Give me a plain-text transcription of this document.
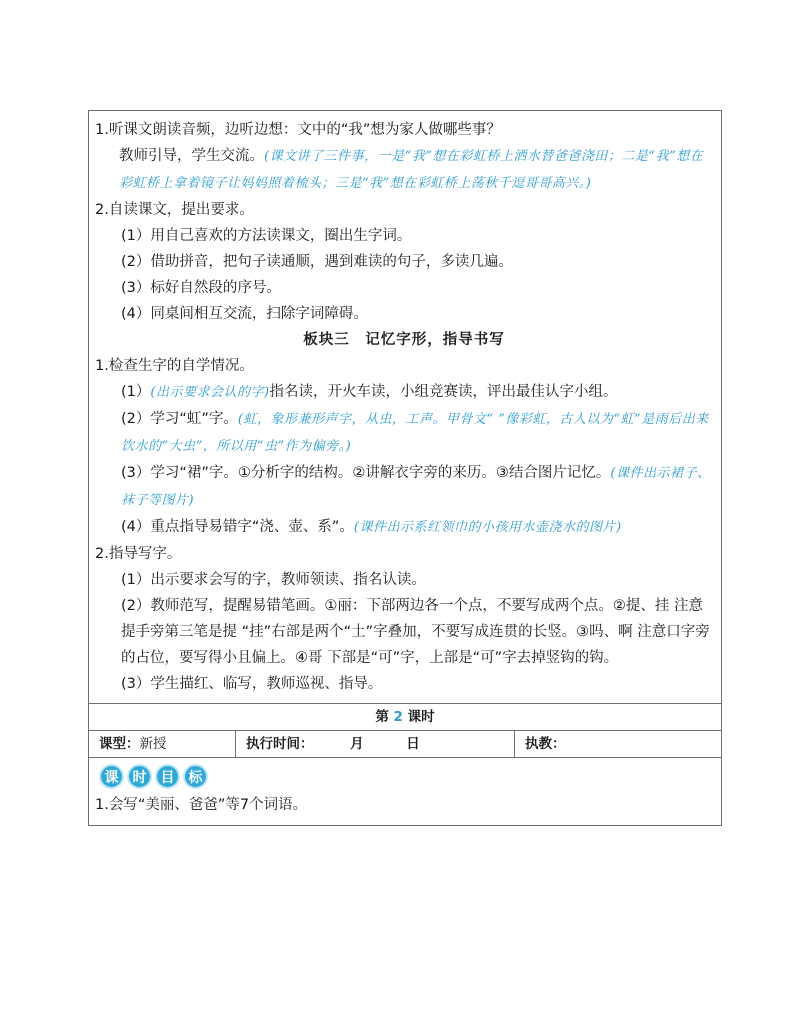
1.听课文朗读音频，边听边想：文中的“我”想为家人做哪些事？
教师引导，学生交流。(课文讲了三件事，一是“我”想在彩虹桥上洒水替爸爸浇田；二是“我”想在彩虹桥上拿着镜子让妈妈照着梳头；三是“我”想在彩虹桥上荡秋千逗哥哥高兴。)
2.自读课文，提出要求。
(1）用自己喜欢的方法读课文，圈出生字词。
(2）借助拼音，把句子读通顺，遇到难读的句子，多读几遍。
(3）标好自然段的序号。
(4）同桌间相互交流，扫除字词障碍。
板块三　记忆字形，指导书写
1.检查生字的自学情况。
(1）(出示要求会认的字)指名读，开火车读，小组竞赛读，评出最佳认字小组。
(2）学习“虹”字。(虹，象形兼形声字，从虫，工声。甲骨文“ ”像彩虹，古人以为“虹”是雨后出来饮水的“大虫”，所以用“虫”作为偏旁。)
(3）学习“裙”字。①分析字的结构。②讲解衣字旁的来历。③结合图片记忆。(课件出示裙子、袜子等图片)
(4）重点指导易错字“浇、壶、系”。(课件出示系红领巾的小孩用水壶浇水的图片)
2.指导写字。
(1）出示要求会写的字，教师领读、指名认读。
(2）教师范写，提醒易错笔画。①丽：下部两边各一个点，不要写成两个点。②提、挂 注意提手旁第三笔是提 “挂”右部是两个“土”字叠加，不要写成连贯的长竖。③吗、啊 注意口字旁的占位，要写得小且偏上。④哥 下部是“可”字，上部是“可”字去掉竖钩的钩。
(3）学生描红、临写，教师巡视、指导。
第 2 课时
课型：新授	执行时间：	月	日	执教：
课	时	目	标
1.会写“美丽、爸爸”等7个词语。
